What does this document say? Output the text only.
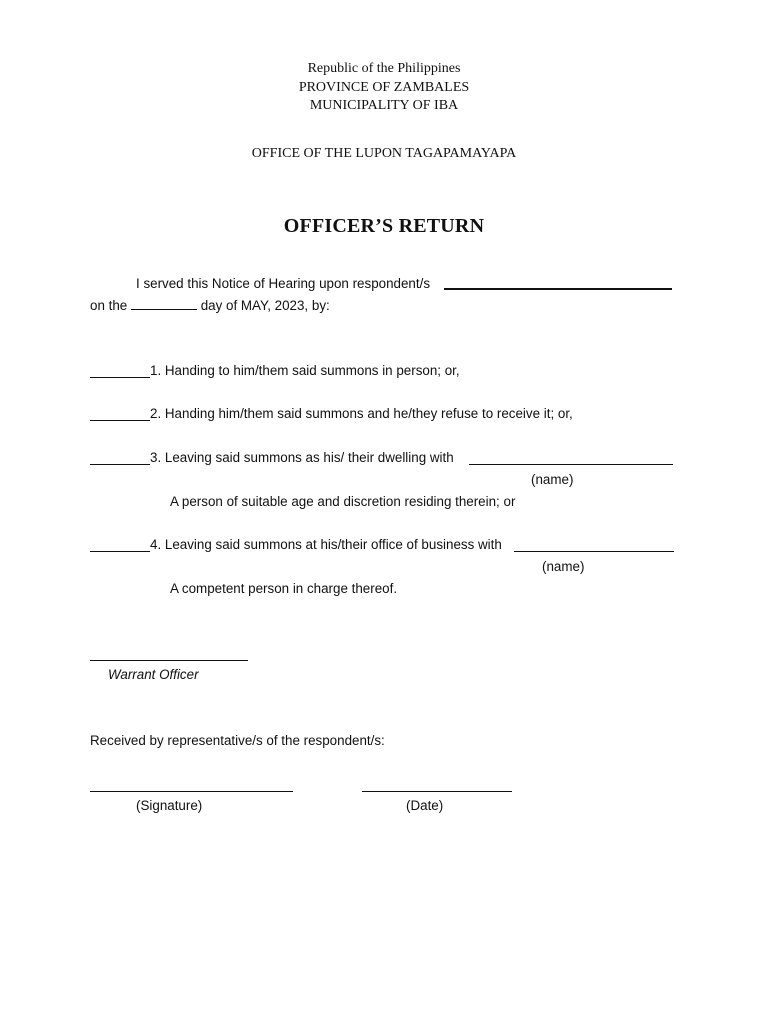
Republic of the Philippines
PROVINCE OF ZAMBALES
MUNICIPALITY OF IBA
OFFICE OF THE LUPON TAGAPAMAYAPA
OFFICER’S RETURN
I served this Notice of Hearing upon respondent/s
on the	day of MAY, 2023, by:
1. Handing to him/them said summons in person; or,
2. Handing him/them said summons and he/they refuse to receive it; or,
3. Leaving said summons as his/ their dwelling with
(name)
A person of suitable age and discretion residing therein; or
4. Leaving said summons at his/their office of business with
(name)
A competent person in charge thereof.
Warrant Officer
Received by representative/s of the respondent/s:
(Signature)	(Date)
